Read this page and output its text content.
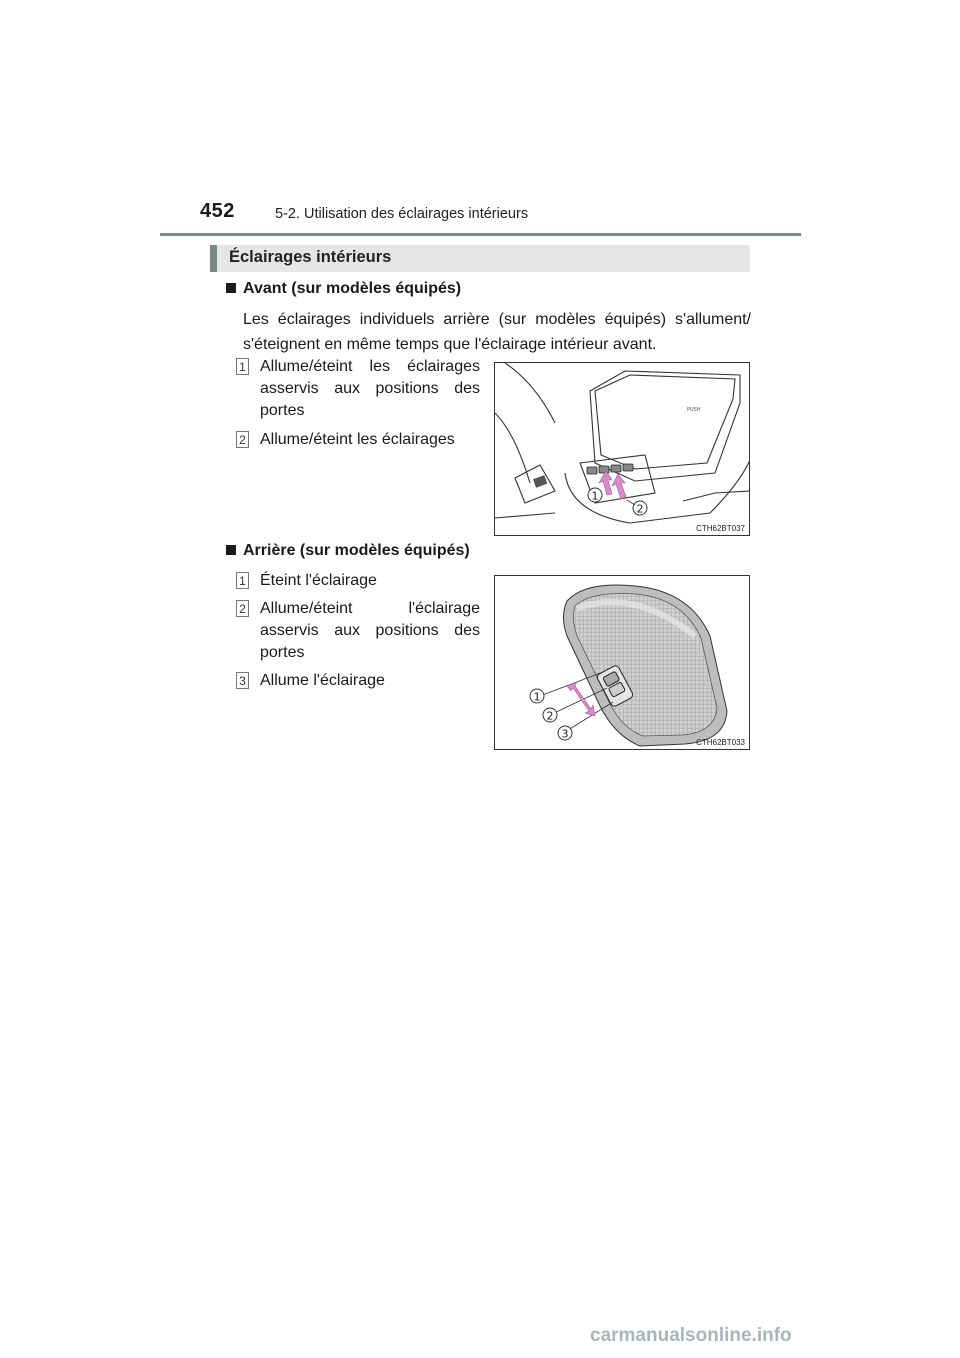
452	5-2. Utilisation des éclairages intérieurs
Éclairages intérieurs
Avant (sur modèles équipés)
Les éclairages individuels arrière (sur modèles équipés) s'allument/ s'éteignent en même temps que l'éclairage intérieur avant.
1 Allume/éteint les éclairages asservis aux positions des portes
2 Allume/éteint les éclairages
PUSH
1
2
CTH62BT037
Arrière (sur modèles équipés)
1 Éteint l'éclairage
2 Allume/éteint l'éclairage asservis aux positions des portes
3 Allume l'éclairage
1
2
3
CTH62BT033
carmanualsonline.info
